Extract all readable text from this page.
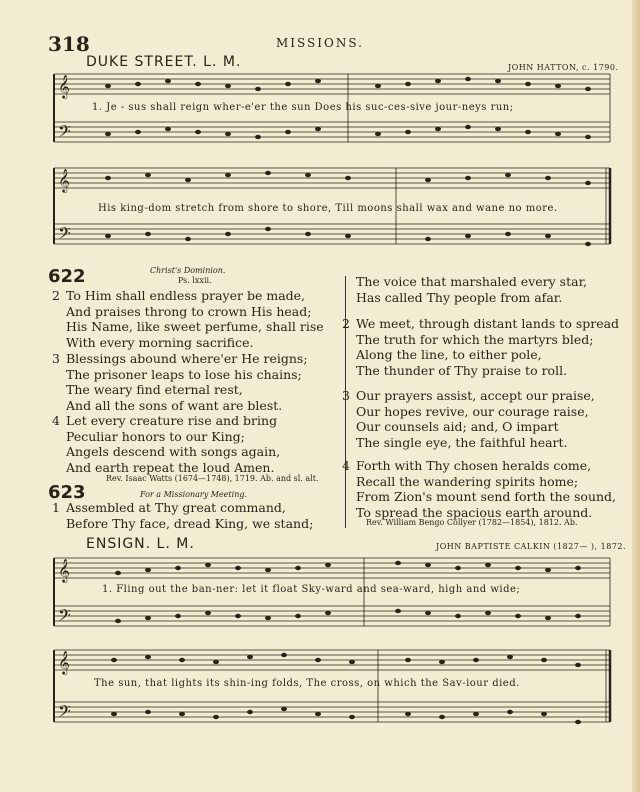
318	MISSIONS.
DUKE STREET. L. M.	JOHN HATTON, c. 1790.
𝄞
𝄢
1. Je - sus shall reign wher-e'er the sun Does his suc-ces-sive jour-neys run;
𝄞
𝄢
His king-dom stretch from shore to shore, Till moons shall wax and wane no more.
622	Christ's Dominion.
Ps. lxxii.
2 To Him shall endless prayer be made,
And praises throng to crown His head;
His Name, like sweet perfume, shall rise
With every morning sacrifice.
3 Blessings abound where'er He reigns;
The prisoner leaps to lose his chains;
The weary find eternal rest,
And all the sons of want are blest.
4 Let every creature rise and bring
Peculiar honors to our King;
Angels descend with songs again,
And earth repeat the loud Amen.
Rev. Isaac Watts (1674—1748), 1719. Ab. and sl. alt.
623	For a Missionary Meeting.
1 Assembled at Thy great command,
Before Thy face, dread King, we stand;
The voice that marshaled every star,
Has called Thy people from afar.
2 We meet, through distant lands to spread
The truth for which the martyrs bled;
Along the line, to either pole,
The thunder of Thy praise to roll.
3 Our prayers assist, accept our praise,
Our hopes revive, our courage raise,
Our counsels aid; and, O impart
The single eye, the faithful heart.
4 Forth with Thy chosen heralds come,
Recall the wandering spirits home;
From Zion's mount send forth the sound,
To spread the spacious earth around.
Rev. William Bengo Collyer (1782—1854), 1812. Ab.
ENSIGN. L. M.	JOHN BAPTISTE CALKIN (1827— ), 1872.
𝄞
𝄢
1. Fling out the ban-ner: let it float Sky-ward and sea-ward, high and wide;
𝄞
𝄢
The sun, that lights its shin-ing folds, The cross, on which the Sav-iour died.
